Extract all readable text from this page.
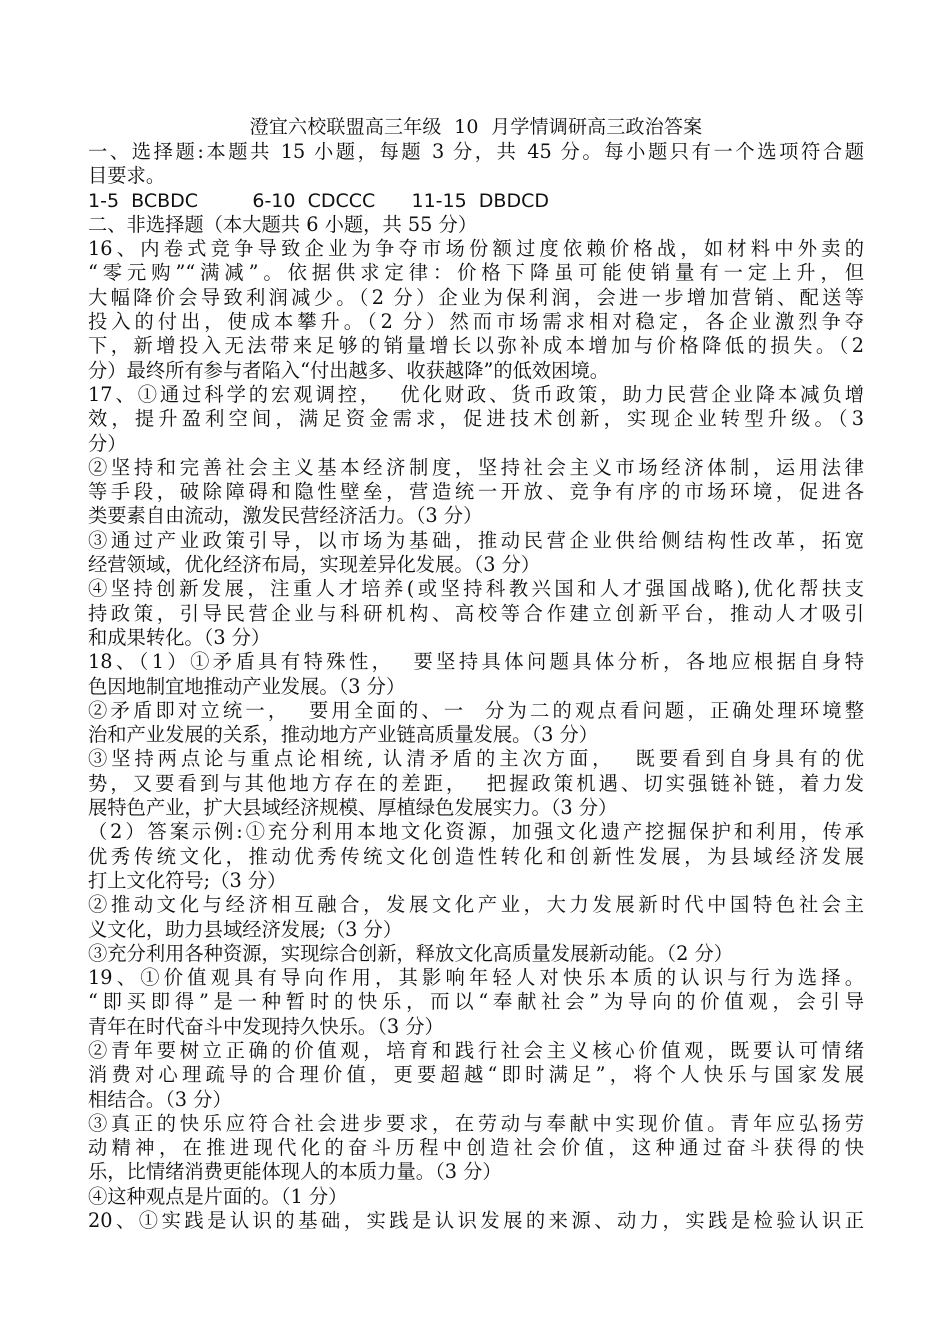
澄宜六校联盟高三年级  10  月学情调研高三政治答案
一、选择题:本题共 15 小题，每题 3 分，共 45 分。每小题只有一个选项符合题
目要求。
1-5  BCBDC         6-10  CDCCC      11-15  DBDCD
二、非选择题（本大题共 6 小题，共 55 分）
16、内卷式竞争导致企业为争夺市场份额过度依赖价格战，如材料中外卖的
“零元购”“满减”。依据供求定律：价格下降虽可能使销量有一定上升，但
大幅降价会导致利润减少。（2 分）企业为保利润，会进一步增加营销、配送等
投入的付出，使成本攀升。（2 分）然而市场需求相对稳定，各企业激烈争夺
下，新增投入无法带来足够的销量增长以弥补成本增加与价格降低的损失。（2
分）最终所有参与者陷入“付出越多、收获越降”的低效困境。
17、①通过科学的宏观调控，  优化财政、货币政策，助力民营企业降本减负增
效，提升盈利空间，满足资金需求，促进技术创新，实现企业转型升级。（3
分）
②坚持和完善社会主义基本经济制度，坚持社会主义市场经济体制，运用法律
等手段，破除障碍和隐性壁垒，营造统一开放、竞争有序的市场环境，促进各
类要素自由流动，激发民营经济活力。（3 分）
③通过产业政策引导，以市场为基础，推动民营企业供给侧结构性改革，拓宽
经营领域，优化经济布局，实现差异化发展。（3 分）
④坚持创新发展，注重人才培养(或坚持科教兴国和人才强国战略),优化帮扶支
持政策，引导民营企业与科研机构、高校等合作建立创新平台，推动人才吸引
和成果转化。（3 分）
18、（1）①矛盾具有特殊性，  要坚持具体问题具体分析，各地应根据自身特
色因地制宜地推动产业发展。（3 分）
②矛盾即对立统一，  要用全面的、一  分为二的观点看问题，正确处理环境整
治和产业发展的关系，推动地方产业链高质量发展。（3 分）
③坚持两点论与重点论相统, 认清矛盾的主次方面，  既要看到自身具有的优
势，又要看到与其他地方存在的差距，  把握政策机遇、切实强链补链，着力发
展特色产业，扩大县域经济规模、厚植绿色发展实力。（3 分）
（2）答案示例:①充分利用本地文化资源，加强文化遗产挖掘保护和利用，传承
优秀传统文化，推动优秀传统文化创造性转化和创新性发展，为县域经济发展
打上文化符号;（3 分）
②推动文化与经济相互融合，发展文化产业，大力发展新时代中国特色社会主
义文化，助力县域经济发展;（3 分）
③充分利用各种资源，实现综合创新，释放文化高质量发展新动能。（2 分）
19、①价值观具有导向作用，其影响年轻人对快乐本质的认识与行为选择。
“即买即得”是一种暂时的快乐，而以“奉献社会”为导向的价值观，会引导
青年在时代奋斗中发现持久快乐。（3 分）
②青年要树立正确的价值观，培育和践行社会主义核心价值观，既要认可情绪
消费对心理疏导的合理价值，更要超越“即时满足”，将个人快乐与国家发展
相结合。（3 分）
③真正的快乐应符合社会进步要求，在劳动与奉献中实现价值。青年应弘扬劳
动精神，在推进现代化的奋斗历程中创造社会价值，这种通过奋斗获得的快
乐，比情绪消费更能体现人的本质力量。（3 分）
④这种观点是片面的。（1 分）
20、①实践是认识的基础，实践是认识发展的来源、动力，实践是检验认识正
